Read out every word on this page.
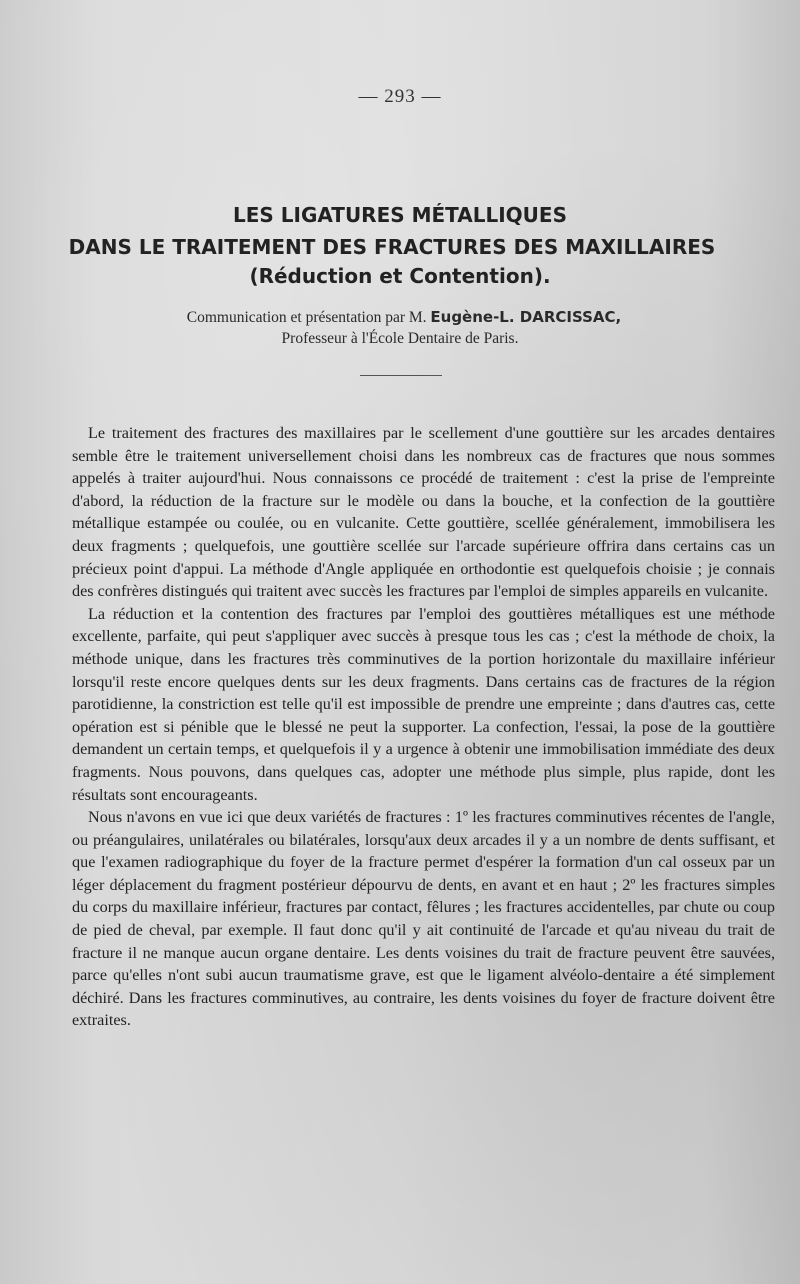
— 293 —
LES LIGATURES MÉTALLIQUES
DANS LE TRAITEMENT DES FRACTURES DES MAXILLAIRES
(Réduction et Contention).
Communication et présentation par M. Eugène-L. DARCISSAC,
Professeur à l'École Dentaire de Paris.

Le traitement des fractures des maxillaires par le scellement d'une gouttière sur les arcades dentaires semble être le traitement universellement choisi dans les nombreux cas de fractures que nous sommes appelés à traiter aujourd'hui. Nous connaissons ce procédé de traitement : c'est la prise de l'empreinte d'abord, la réduction de la fracture sur le modèle ou dans la bouche, et la confection de la gouttière métallique estampée ou coulée, ou en vulcanite. Cette gouttière, scellée généralement, immobilisera les deux fragments ; quelquefois, une gouttière scellée sur l'arcade supérieure offrira dans certains cas un précieux point d'appui. La méthode d'Angle appliquée en orthodontie est quelquefois choisie ; je connais des confrères distingués qui traitent avec succès les fractures par l'emploi de simples appareils en vulcanite.

La réduction et la contention des fractures par l'emploi des gouttières métalliques est une méthode excellente, parfaite, qui peut s'appliquer avec succès à presque tous les cas ; c'est la méthode de choix, la méthode unique, dans les fractures très comminutives de la portion horizontale du maxillaire inférieur lorsqu'il reste encore quelques dents sur les deux fragments. Dans certains cas de fractures de la région parotidienne, la constriction est telle qu'il est impossible de prendre une empreinte ; dans d'autres cas, cette opération est si pénible que le blessé ne peut la supporter. La confection, l'essai, la pose de la gouttière demandent un certain temps, et quelquefois il y a urgence à obtenir une immobilisation immédiate des deux fragments. Nous pouvons, dans quelques cas, adopter une méthode plus simple, plus rapide, dont les résultats sont encourageants.

Nous n'avons en vue ici que deux variétés de fractures : 1º les fractures comminutives récentes de l'angle, ou préangulaires, unilatérales ou bilatérales, lorsqu'aux deux arcades il y a un nombre de dents suffisant, et que l'examen radiographique du foyer de la fracture permet d'espérer la formation d'un cal osseux par un léger déplacement du fragment postérieur dépourvu de dents, en avant et en haut ; 2º les fractures simples du corps du maxillaire inférieur, fractures par contact, fêlures ; les fractures accidentelles, par chute ou coup de pied de cheval, par exemple. Il faut donc qu'il y ait continuité de l'arcade et qu'au niveau du trait de fracture il ne manque aucun organe dentaire. Les dents voisines du trait de fracture peuvent être sauvées, parce qu'elles n'ont subi aucun traumatisme grave, est que le ligament alvéolo-dentaire a été simplement déchiré. Dans les fractures comminutives, au contraire, les dents voisines du foyer de fracture doivent être extraites.
